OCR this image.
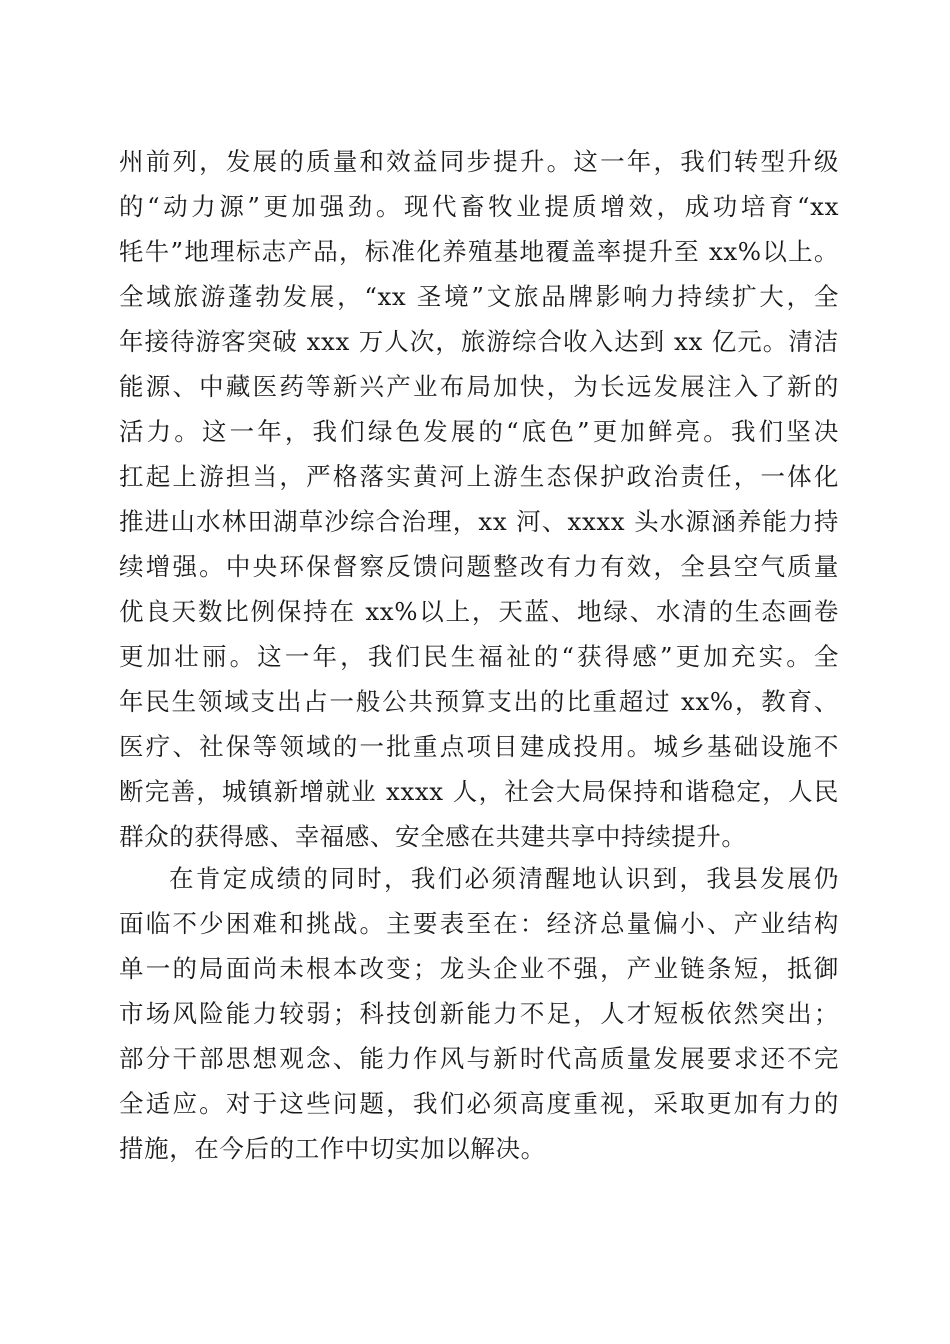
州前列，发展的质量和效益同步提升。这一年，我们转型升级
的“动力源”更加强劲。现代畜牧业提质增效，成功培育“xx
牦牛”地理标志产品，标准化养殖基地覆盖率提升至 xx%以上。
全域旅游蓬勃发展，“xx 圣境”文旅品牌影响力持续扩大，全
年接待游客突破 xxx 万人次，旅游综合收入达到 xx 亿元。清洁
能源、中藏医药等新兴产业布局加快，为长远发展注入了新的
活力。这一年，我们绿色发展的“底色”更加鲜亮。我们坚决
扛起上游担当，严格落实黄河上游生态保护政治责任，一体化
推进山水林田湖草沙综合治理，xx 河、xxxx 头水源涵养能力持
续增强。中央环保督察反馈问题整改有力有效，全县空气质量
优良天数比例保持在 xx%以上，天蓝、地绿、水清的生态画卷
更加壮丽。这一年，我们民生福祉的“获得感”更加充实。全
年民生领域支出占一般公共预算支出的比重超过 xx%，教育、
医疗、社保等领域的一批重点项目建成投用。城乡基础设施不
断完善，城镇新增就业 xxxx 人，社会大局保持和谐稳定，人民
群众的获得感、幸福感、安全感在共建共享中持续提升。
在肯定成绩的同时，我们必须清醒地认识到，我县发展仍
面临不少困难和挑战。主要表至在：经济总量偏小、产业结构
单一的局面尚未根本改变；龙头企业不强，产业链条短，抵御
市场风险能力较弱；科技创新能力不足，人才短板依然突出；
部分干部思想观念、能力作风与新时代高质量发展要求还不完
全适应。对于这些问题，我们必须高度重视，采取更加有力的
措施，在今后的工作中切实加以解决。
